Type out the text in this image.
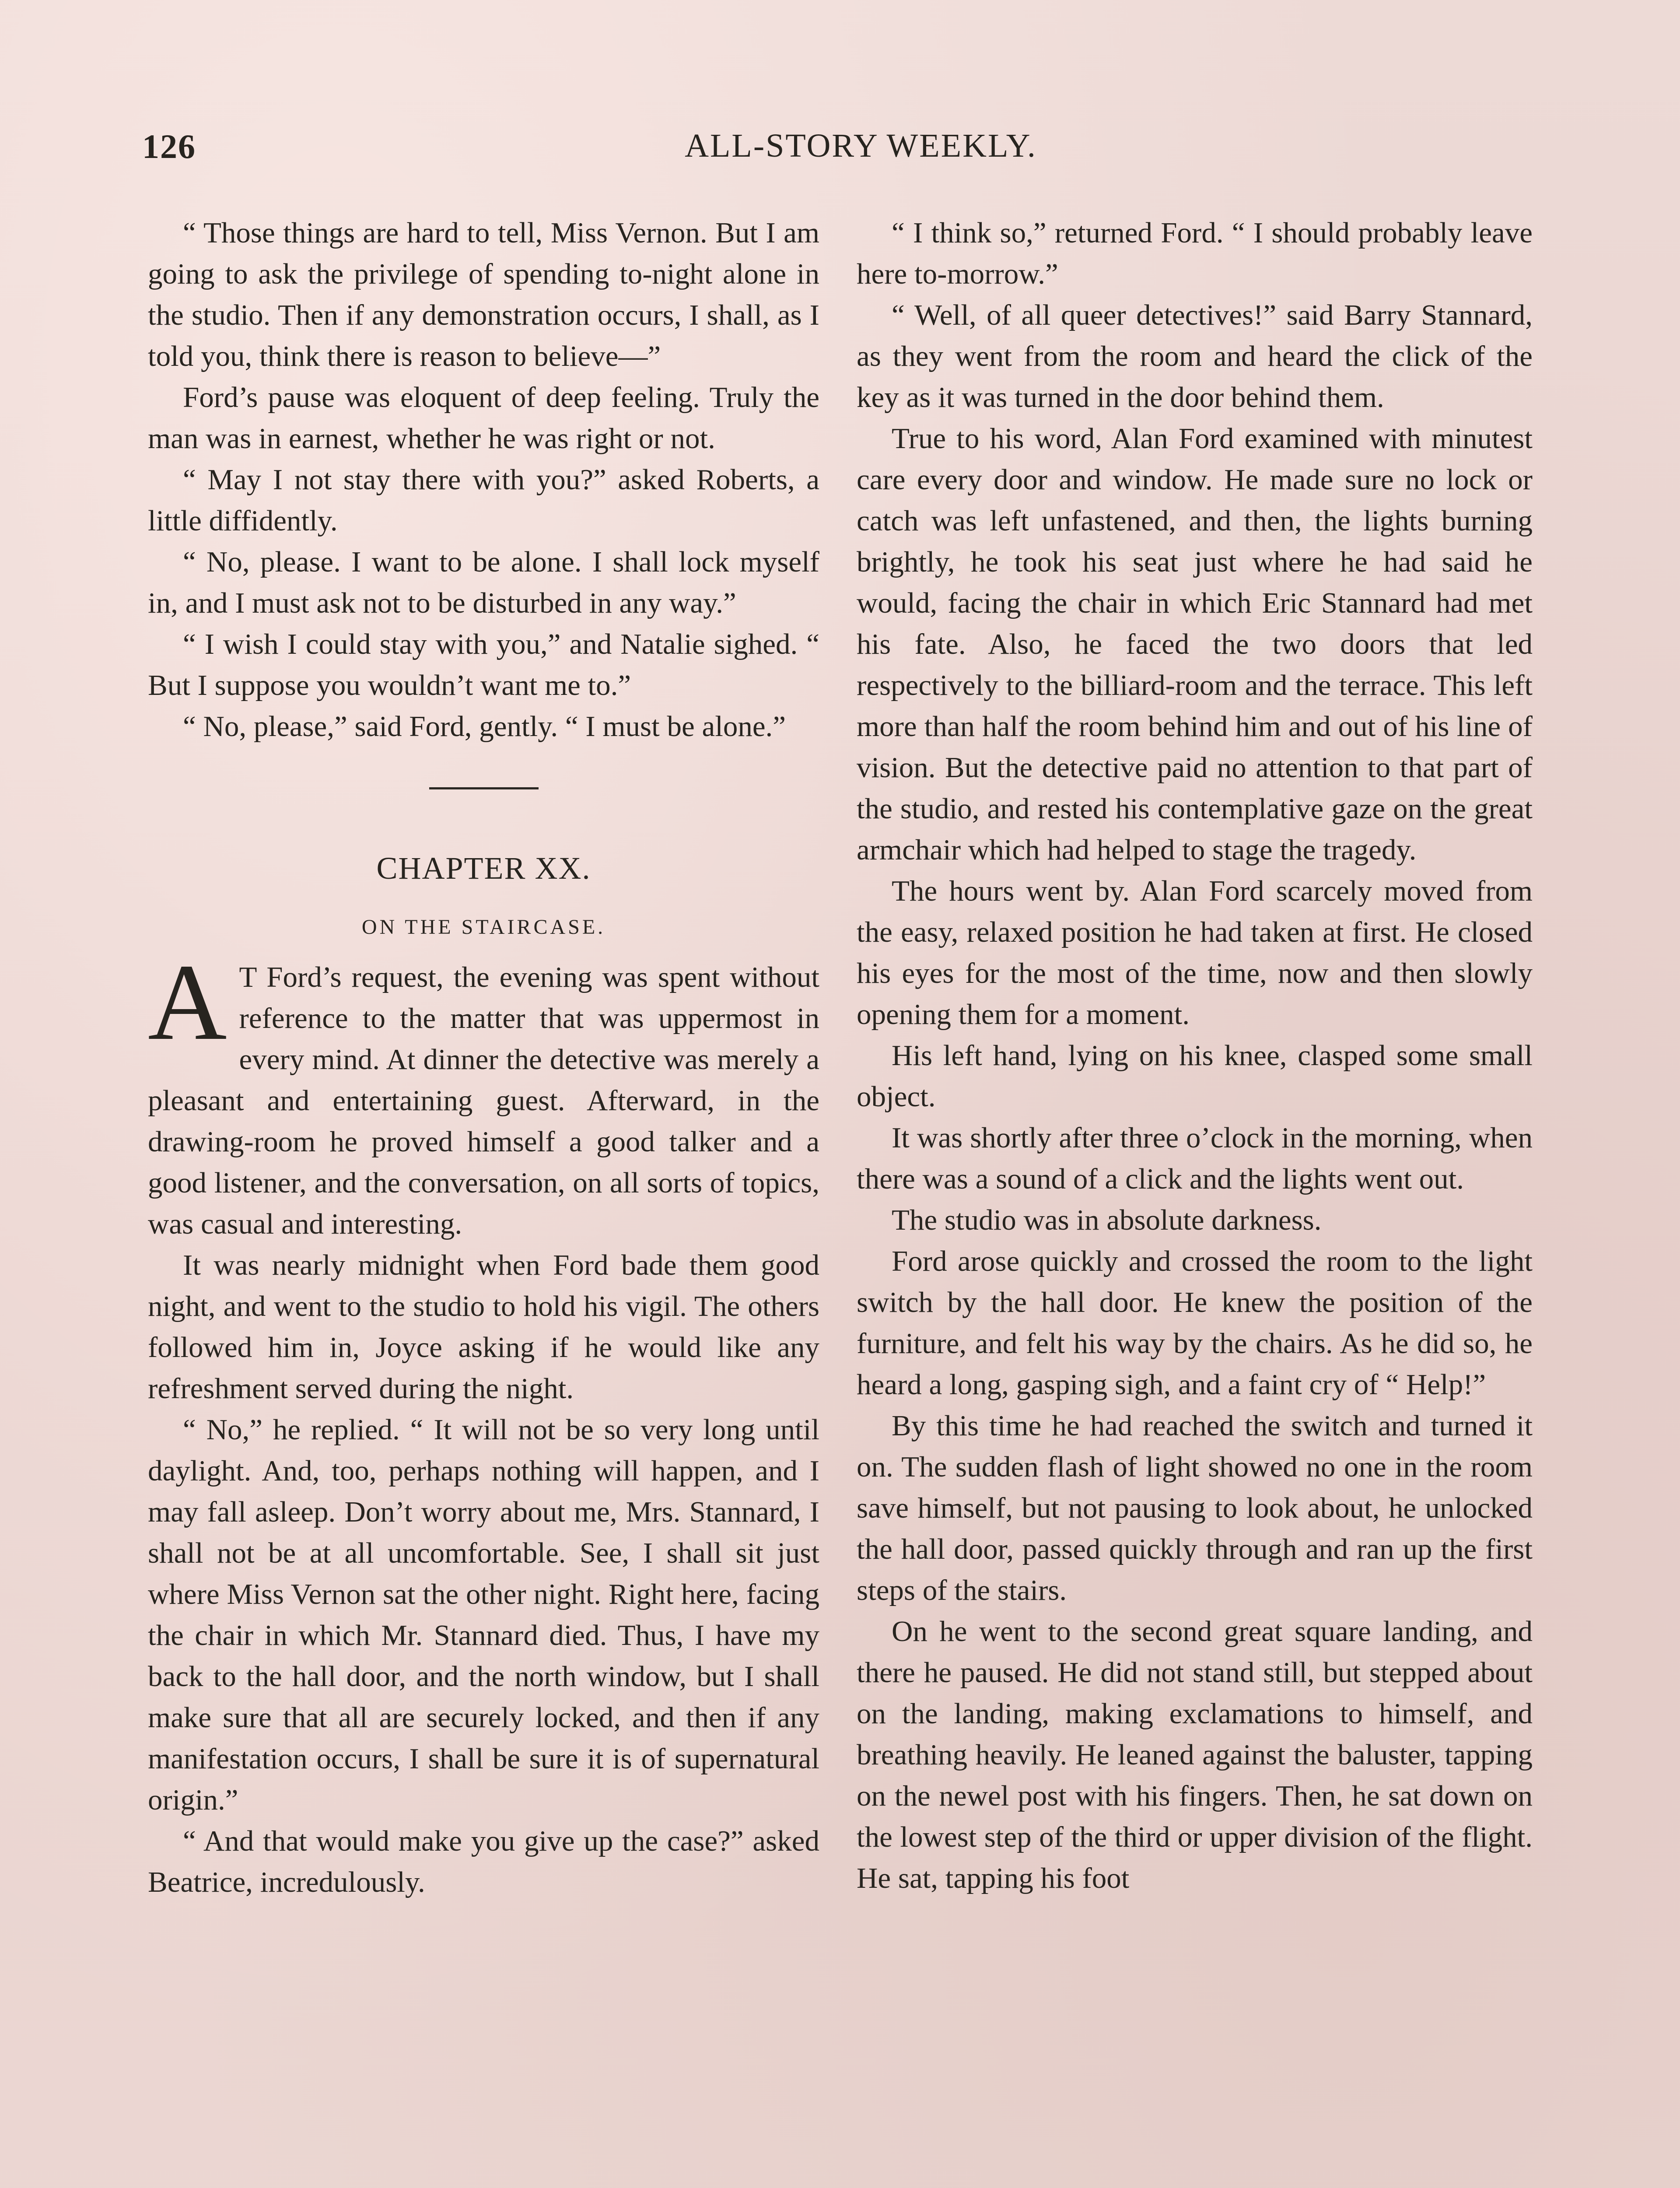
126	ALL-STORY WEEKLY.

“ Those things are hard to tell, Miss Vernon. But I am going to ask the privilege of spending to-night alone in the studio. Then if any demonstration occurs, I shall, as I told you, think there is reason to believe—”

Ford’s pause was eloquent of deep feeling. Truly the man was in earnest, whether he was right or not.

“ May I not stay there with you?” asked Roberts, a little diffidently.

“ No, please. I want to be alone. I shall lock myself in, and I must ask not to be disturbed in any way.”

“ I wish I could stay with you,” and Natalie sighed. “ But I suppose you wouldn’t want me to.”

“ No, please,” said Ford, gently. “ I must be alone.”

CHAPTER XX.

ON THE STAIRCASE.

A T Ford’s request, the evening was spent without reference to the matter that was uppermost in every mind. At dinner the detective was merely a pleasant and entertaining guest. Afterward, in the drawing-room he proved himself a good talker and a good listener, and the conversation, on all sorts of topics, was casual and interesting.

It was nearly midnight when Ford bade them good night, and went to the studio to hold his vigil. The others followed him in, Joyce asking if he would like any refreshment served during the night.

“ No,” he replied. “ It will not be so very long until daylight. And, too, perhaps nothing will happen, and I may fall asleep. Don’t worry about me, Mrs. Stannard, I shall not be at all uncomfortable. See, I shall sit just where Miss Vernon sat the other night. Right here, facing the chair in which Mr. Stannard died. Thus, I have my back to the hall door, and the north window, but I shall make sure that all are securely locked, and then if any manifestation occurs, I shall be sure it is of supernatural origin.”

“ And that would make you give up the case?” asked Beatrice, incredulously.

“ I think so,” returned Ford. “ I should probably leave here to-morrow.”

“ Well, of all queer detectives!” said Barry Stannard, as they went from the room and heard the click of the key as it was turned in the door behind them.

True to his word, Alan Ford examined with minutest care every door and window. He made sure no lock or catch was left unfastened, and then, the lights burning brightly, he took his seat just where he had said he would, facing the chair in which Eric Stannard had met his fate. Also, he faced the two doors that led respectively to the billiard-room and the terrace. This left more than half the room behind him and out of his line of vision. But the detective paid no attention to that part of the studio, and rested his contemplative gaze on the great armchair which had helped to stage the tragedy.

The hours went by. Alan Ford scarcely moved from the easy, relaxed position he had taken at first. He closed his eyes for the most of the time, now and then slowly opening them for a moment.

His left hand, lying on his knee, clasped some small object.

It was shortly after three o’clock in the morning, when there was a sound of a click and the lights went out.

The studio was in absolute darkness.

Ford arose quickly and crossed the room to the light switch by the hall door. He knew the position of the furniture, and felt his way by the chairs. As he did so, he heard a long, gasping sigh, and a faint cry of “ Help!”

By this time he had reached the switch and turned it on. The sudden flash of light showed no one in the room save himself, but not pausing to look about, he unlocked the hall door, passed quickly through and ran up the first steps of the stairs.

On he went to the second great square landing, and there he paused. He did not stand still, but stepped about on the landing, making exclamations to himself, and breathing heavily. He leaned against the baluster, tapping on the newel post with his fingers. Then, he sat down on the lowest step of the third or upper division of the flight. He sat, tapping his foot
